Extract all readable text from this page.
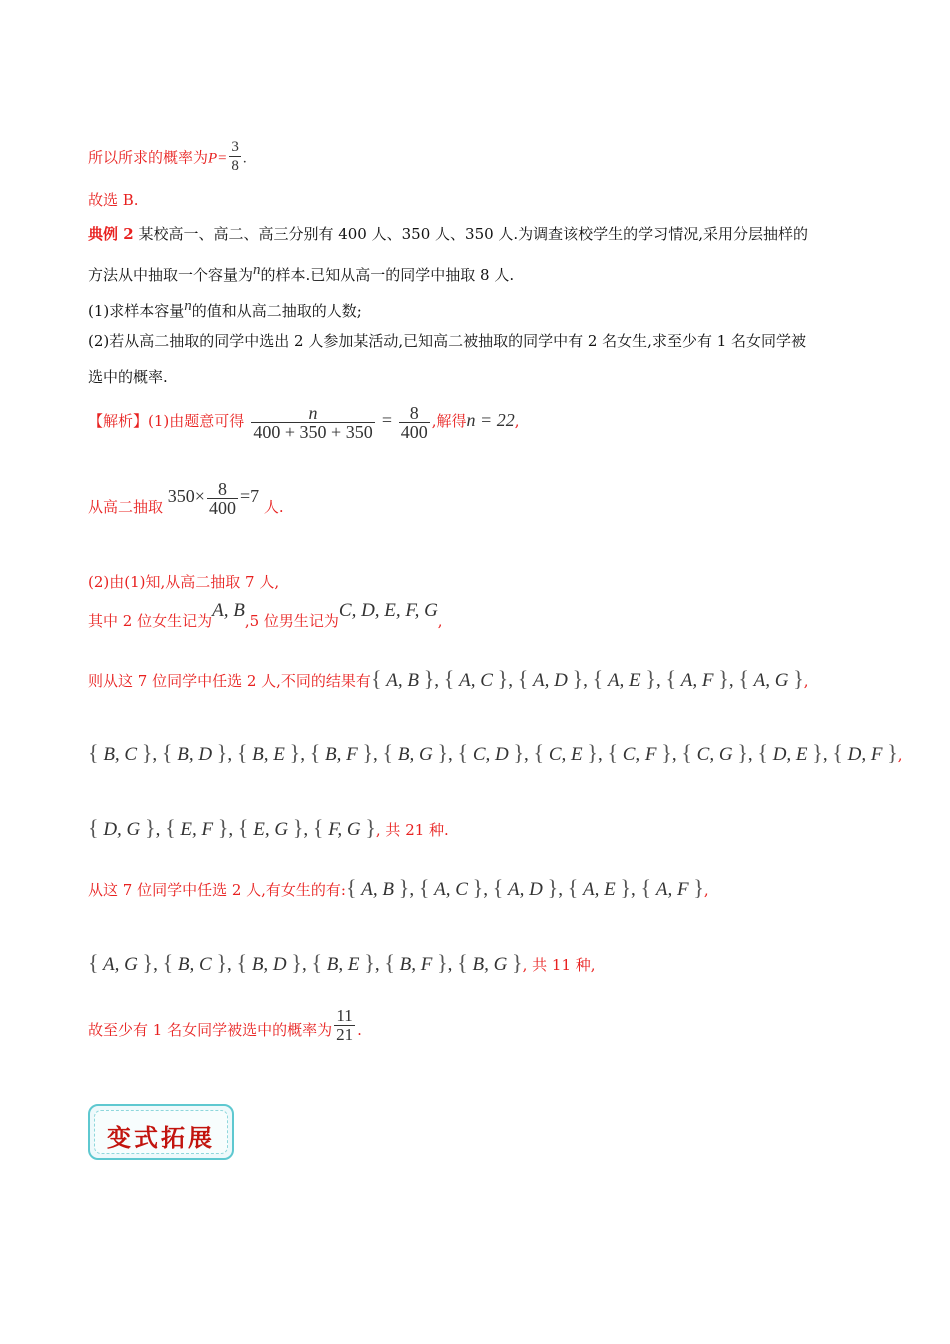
所以所求的概率为$P= \frac{3}{8}$ .
故选 B.
典例 2 某校高一、高二、高三分别有 400 人、350 人、350 人.为调查该校学生的学习情况,采用分层抽样的
方法从中抽取一个容量为$^n$的样本.已知从高一的同学中抽取 8 人.
(1)求样本容量$^n$的值和从高二抽取的人数;
(2)若从高二抽取的同学中选出 2 人参加某活动,已知高二被抽取的同学中有 2 名女生,求至少有 1 名女同学被
选中的概率.
【解析】(1)由题意可得 $\frac{n}{400 + 350 + 350} = \frac{8}{400}$ ,解得n = 22,
从高二抽取 $350\times \frac{8}{400} =7$ 人.
(2)由(1)知,从高二抽取 7 人,
其中 2 位女生记为A, B,5 位男生记为C, D, E, F, G,
则从这 7 位同学中任选 2 人,不同的结果有{ A, B }, { A, C }, { A, D }, { A, E }, { A, F }, { A, G },
{ B, C }, { B, D }, { B, E }, { B, F }, { B, G }, { C, D }, { C, E }, { C, F }, { C, G }, { D, E }, { D, F },
{ D, G }, { E, F }, { E, G }, { F, G }, 共 21 种.
从这 7 位同学中任选 2 人,有女生的有:{ A, B }, { A, C }, { A, D }, { A, E }, { A, F },
{ A, G }, { B, C }, { B, D }, { B, E }, { B, F }, { B, G }, 共 11 种,
故至少有 1 名女同学被选中的概率为 $\frac{11}{21}$ .
变式拓展
